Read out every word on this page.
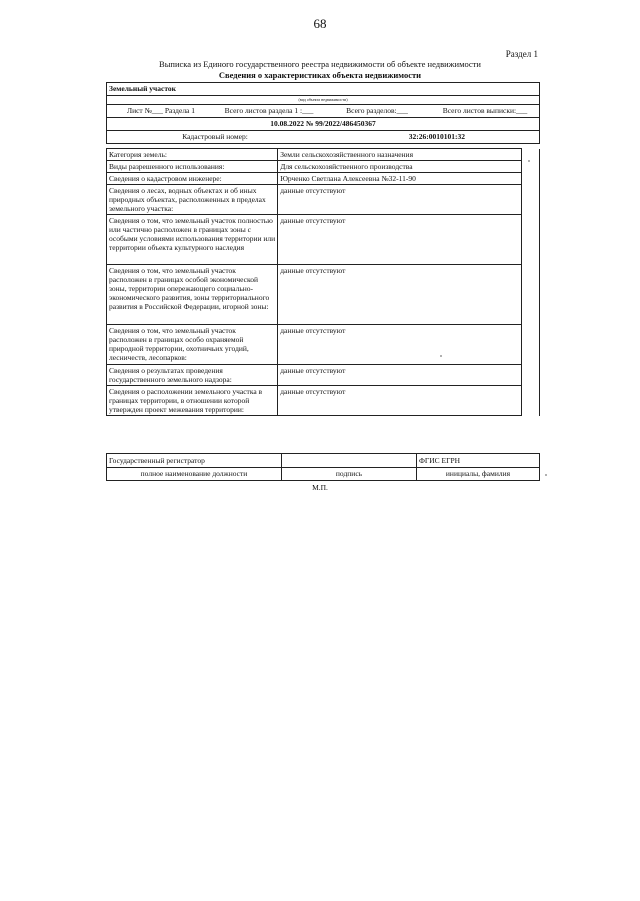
68
Раздел 1
Выписка из Единого государственного реестра недвижимости об объекте недвижимости
Сведения о характеристиках объекта недвижимости
Земельный участок
(вид объекта недвижимости)
Лист №___ Раздела 1	Всего листов раздела 1 :___	Всего разделов:___	Всего листов выписки:___
10.08.2022 № 99/2022/486450367
Кадастровый номер:	32:26:0010101:32
Категория земель:	Земли сельскохозяйственного назначения	
Виды разрешенного использования:	Для сельскохозяйственного производства	
Сведения о кадастровом инженере:	Юрченко Светлана Алексеевна №32-11-90	
Сведения о лесах, водных объектах и об иных природных объектах, расположенных в пределах земельного участка:	данные отсутствуют	
Сведения о том, что земельный участок полностью или частично расположен в границах зоны с особыми условиями использования территории или территории объекта культурного наследия	данные отсутствуют	
Сведения о том, что земельный участок расположен в границах особой экономической зоны, территории опережающего социально-экономического развития, зоны территориального развития в Российской Федерации, игорной зоны:	данные отсутствуют	
Сведения о том, что земельный участок расположен в границах особо охраняемой природной территории, охотничьих угодий, лесничеств, лесопарков:	данные отсутствуют	
Сведения о результатах проведения государственного земельного надзора:	данные отсутствуют	
Сведения о расположении земельного участка в границах территории, в отношении которой утвержден проект межевания территории:	данные отсутствуют	
Государственный регистратор		ФГИС ЕГРН
полное наименование должности	подпись	инициалы, фамилия
М.П.
